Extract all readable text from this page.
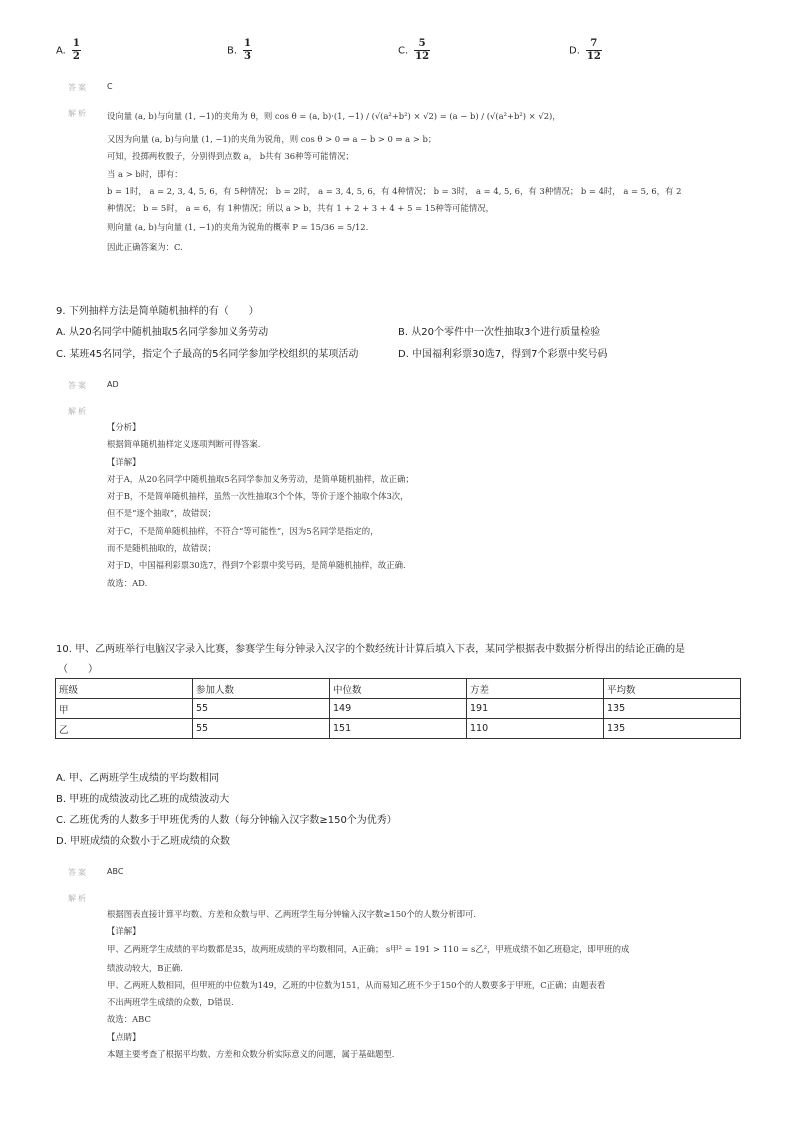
A. $\frac{1}{2}$	B. $\frac{1}{3}$	C. $\frac{5}{12}$	D. $\frac{7}{12}$
答案 C
解析 设向量 (a, b)与向量 (1, −1)的夹角为 θ，则 cos θ = (a, b)·(1, −1) / (√(a²+b²) × √2) = (a − b) / (√(a²+b²) × √2)，
又因为向量 (a, b)与向量 (1, −1)的夹角为锐角，则 cos θ > 0 ⇒ a − b > 0 ⇒ a > b；
可知，投掷两枚骰子，分别得到点数 a， b共有 36种等可能情况；
当 a > b时，即有：
b = 1时， a = 2, 3, 4, 5, 6，有 5种情况； b = 2时， a = 3, 4, 5, 6，有 4种情况； b = 3时， a = 4, 5, 6，有 3种情况； b = 4时， a = 5, 6，有 2
种情况； b = 5时， a = 6，有 1种情况；所以 a > b，共有 1 + 2 + 3 + 4 + 5 = 15种等可能情况，
则向量 (a, b)与向量 (1, −1)的夹角为锐角的概率 P = 15/36 = 5/12.
因此正确答案为：C.
9. 下列抽样方法是简单随机抽样的有（　　）
A. 从20名同学中随机抽取5名同学参加义务劳动	B. 从20个零件中一次性抽取3个进行质量检验
C. 某班45名同学，指定个子最高的5名同学参加学校组织的某项活动	D. 中国福利彩票30选7，得到7个彩票中奖号码
答案 AD
解析
【分析】
根据简单随机抽样定义逐项判断可得答案.
【详解】
对于A，从20名同学中随机抽取5名同学参加义务劳动，是简单随机抽样，故正确；
对于B，不是简单随机抽样，虽然一次性抽取3个个体，等价于逐个抽取个体3次，
但不是“逐个抽取”，故错误；
对于C，不是简单随机抽样，不符合“等可能性”，因为5名同学是指定的，
而不是随机抽取的，故错误；
对于D，中国福利彩票30选7，得到7个彩票中奖号码，是简单随机抽样，故正确.
故选：AD.
10. 甲、乙两班举行电脑汉字录入比赛，参赛学生每分钟录入汉字的个数经统计计算后填入下表，某同学根据表中数据分析得出的结论正确的是
（　　）
班级	参加人数	中位数	方差	平均数
甲	55	149	191	135
乙	55	151	110	135
A. 甲、乙两班学生成绩的平均数相同
B. 甲班的成绩波动比乙班的成绩波动大
C. 乙班优秀的人数多于甲班优秀的人数（每分钟输入汉字数≥150个为优秀）
D. 甲班成绩的众数小于乙班成绩的众数
答案 ABC
解析
根据图表直接计算平均数、方差和众数与甲、乙两班学生每分钟输入汉字数≥150个的人数分析即可.
【详解】
甲、乙两班学生成绩的平均数都是35，故两班成绩的平均数相同，A正确； s甲² = 191 > 110 = s乙²，甲班成绩不如乙班稳定，即甲班的成
绩波动较大，B正确.
甲、乙两班人数相同，但甲班的中位数为149，乙班的中位数为151，从而易知乙班不少于150个的人数要多于甲班，C正确；由题表看
不出两班学生成绩的众数，D错误.
故选：ABC
【点睛】
本题主要考查了根据平均数、方差和众数分析实际意义的问题，属于基础题型.
